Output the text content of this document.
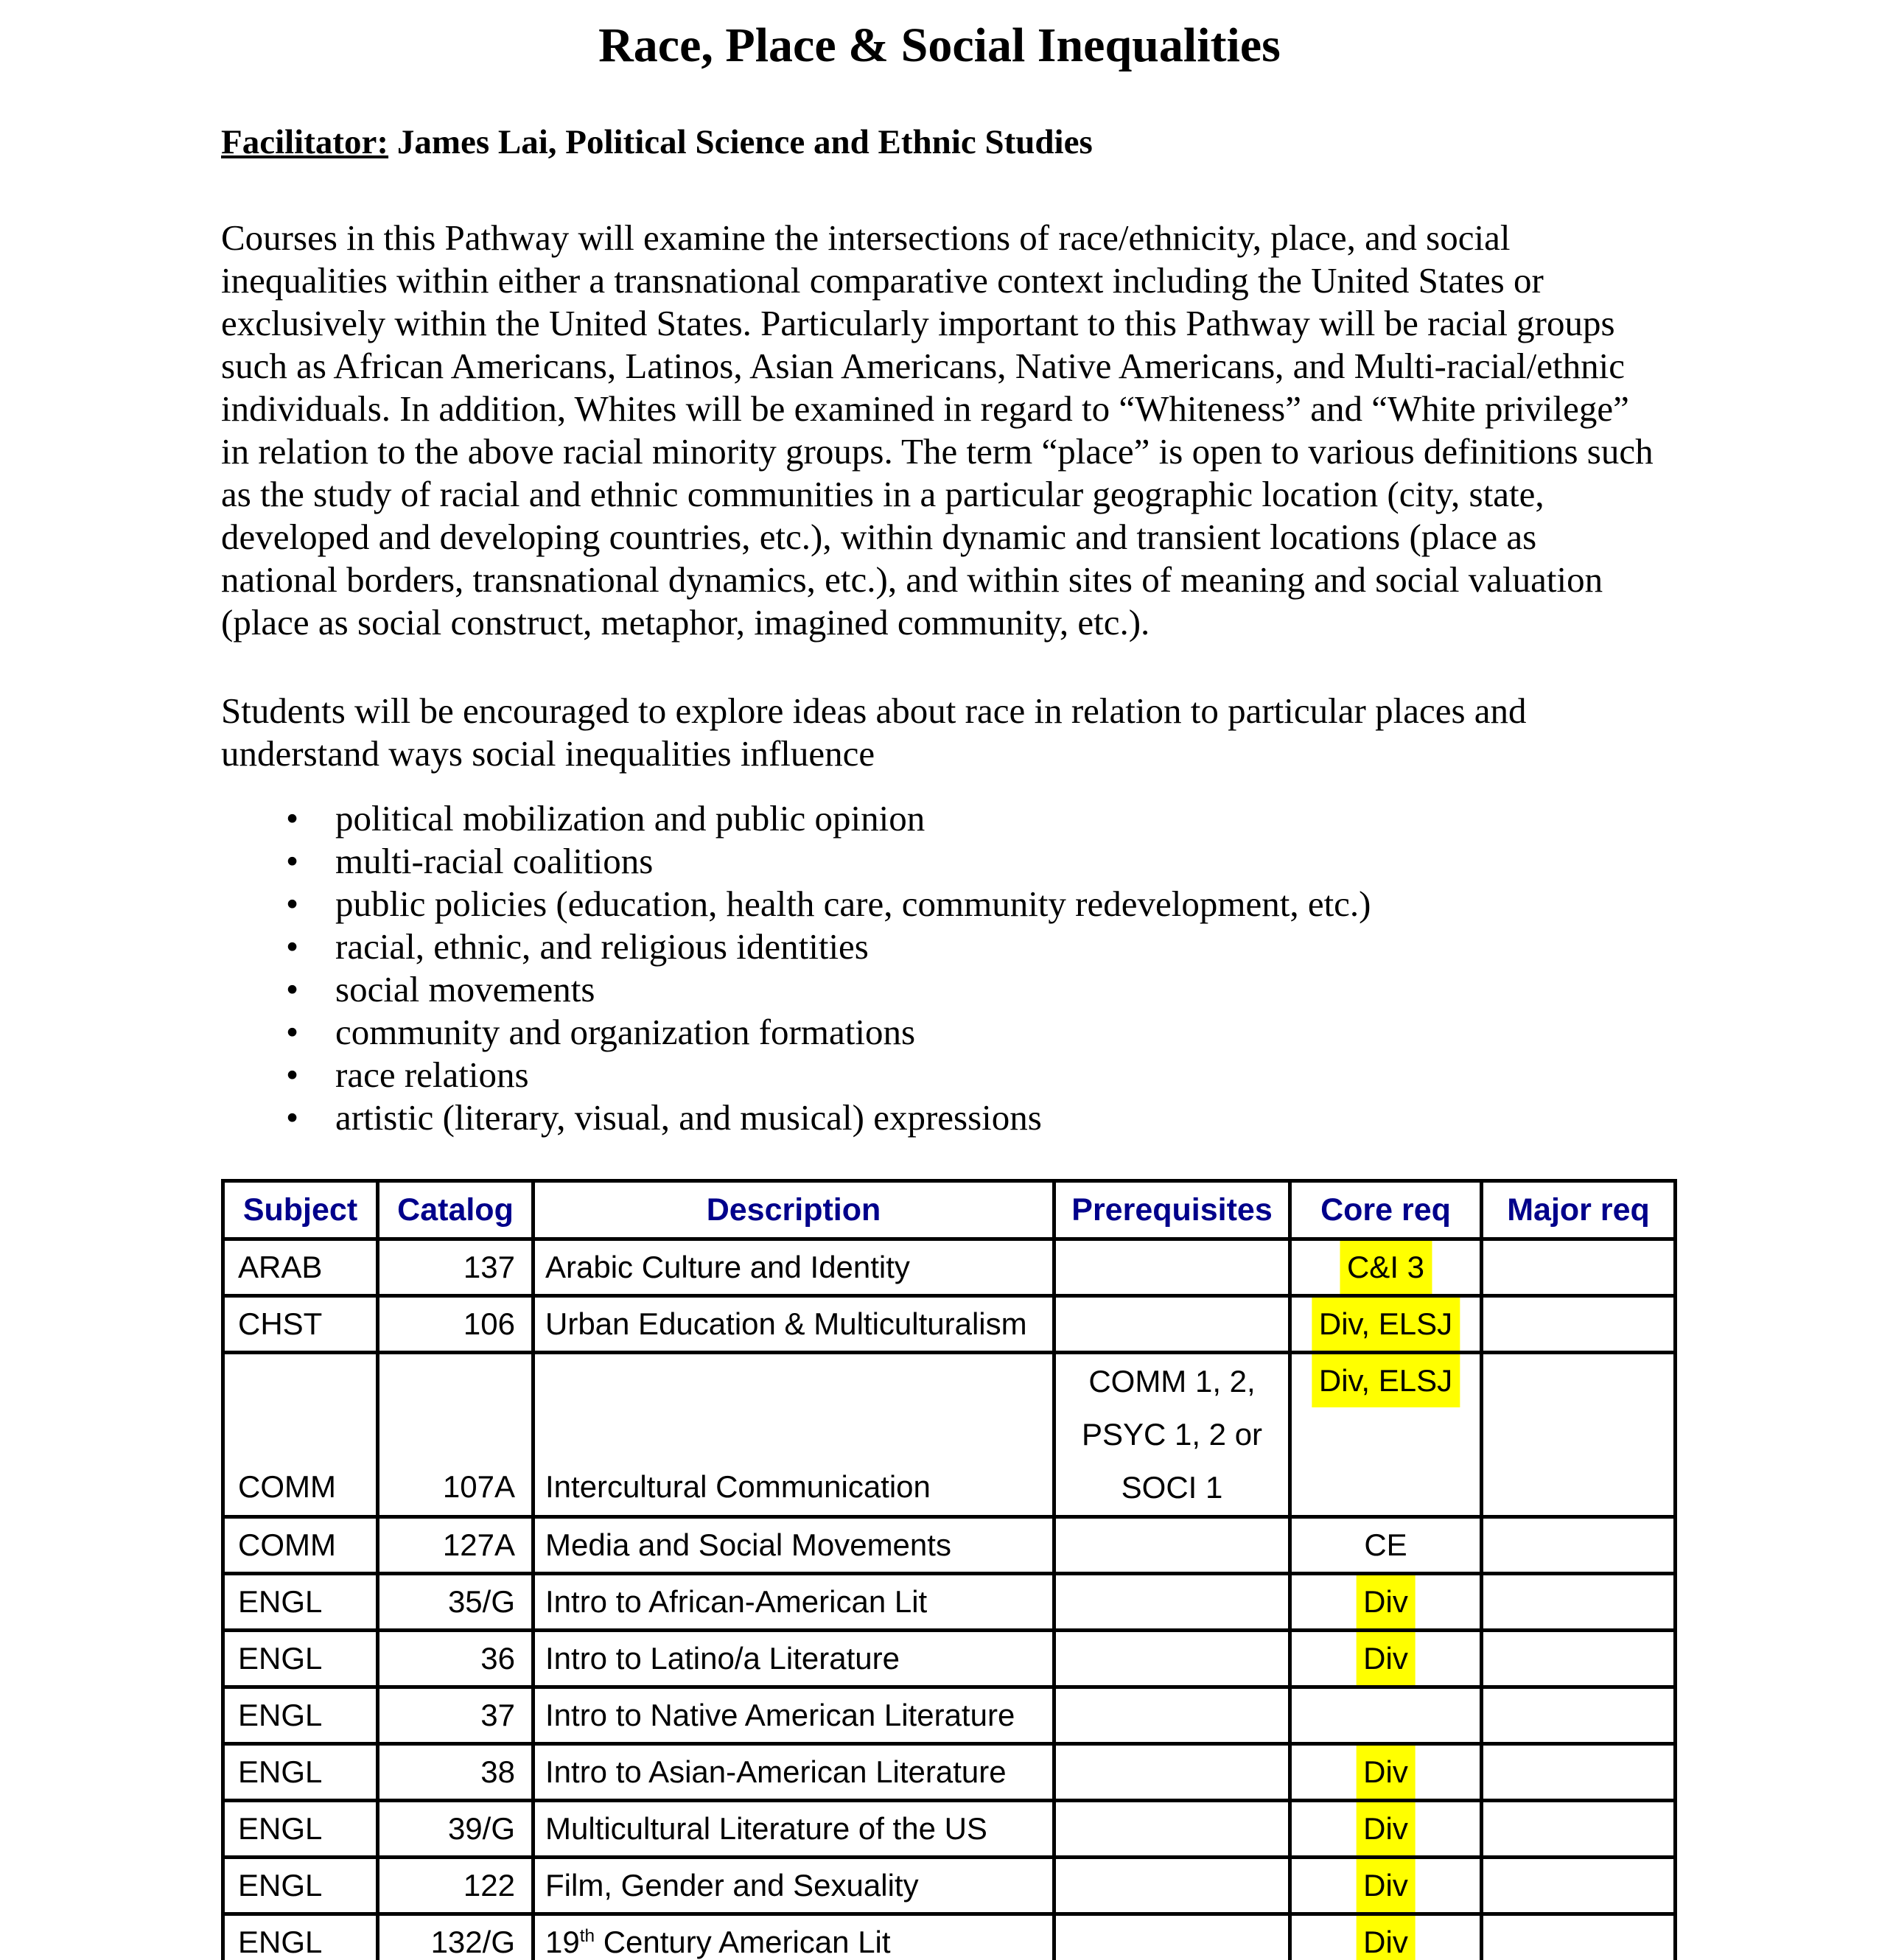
Race, Place & Social Inequalities

Facilitator: James Lai, Political Science and Ethnic Studies

Courses in this Pathway will examine the intersections of race/ethnicity, place, and social inequalities within either a transnational comparative context including the United States or exclusively within the United States. Particularly important to this Pathway will be racial groups such as African Americans, Latinos, Asian Americans, Native Americans, and Multi-racial/ethnic individuals. In addition, Whites will be examined in regard to “Whiteness” and “White privilege” in relation to the above racial minority groups. The term “place” is open to various definitions such as the study of racial and ethnic communities in a particular geographic location (city, state, developed and developing countries, etc.), within dynamic and transient locations (place as national borders, transnational dynamics, etc.), and within sites of meaning and social valuation (place as social construct, metaphor, imagined community, etc.).

Students will be encouraged to explore ideas about race in relation to particular places and understand ways social inequalities influence

• political mobilization and public opinion
• multi-racial coalitions
• public policies (education, health care, community redevelopment, etc.)
• racial, ethnic, and religious identities
• social movements
• community and organization formations
• race relations
• artistic (literary, visual, and musical) expressions
Subject	Catalog	Description	Prerequisites	Core req	Major req
ARAB	137	Arabic Culture and Identity		C&I 3	

CHST	106	Urban Education & Multiculturalism		Div, ELSJ	

COMM	107A	Intercultural Communication	COMM 1, 2,
PSYC 1, 2 or
SOCI 1	Div, ELSJ	

COMM	127A	Media and Social Movements		CE	
ENGL	35/G	Intro to African-American Lit		Div	

ENGL	36	Intro to Latino/a Literature		Div	

ENGL	37	Intro to Native American Literature			
ENGL	38	Intro to Asian-American Literature		Div	

ENGL	39/G	Multicultural Literature of the US		Div	

ENGL	122	Film, Gender and Sexuality		Div	

ENGL	132/G	19th Century American Lit		Div	
